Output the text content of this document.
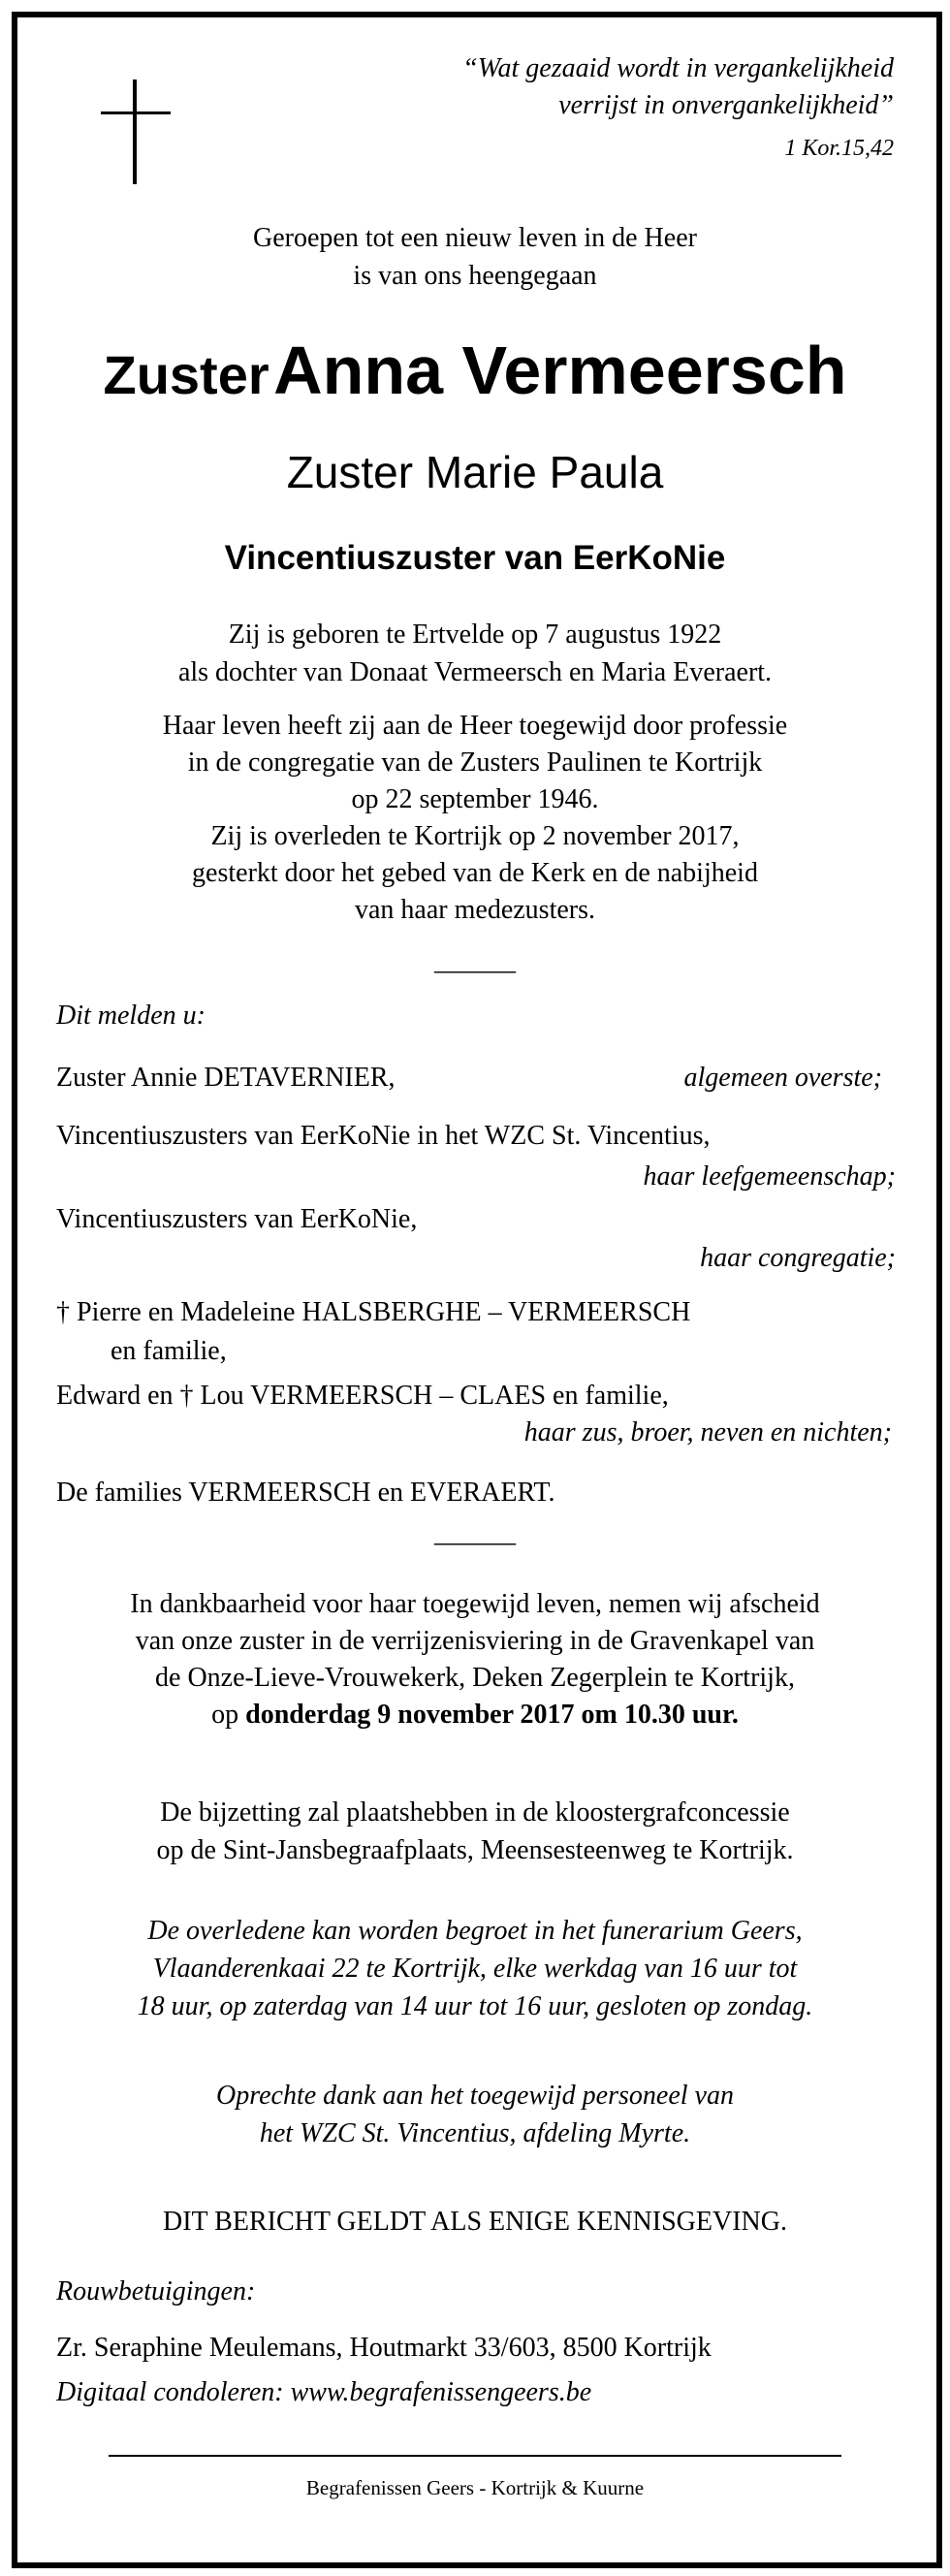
“Wat gezaaid wordt in vergankelijkheid
verrijst in onvergankelijkheid”
1 Kor.15,42
Geroepen tot een nieuw leven in de Heer
is van ons heengegaan
Zuster Anna Vermeersch
Zuster Marie Paula
Vincentiuszuster van EerKoNie
Zij is geboren te Ertvelde op 7 augustus 1922
als dochter van Donaat Vermeersch en Maria Everaert.
Haar leven heeft zij aan de Heer toegewijd door professie
in de congregatie van de Zusters Paulinen te Kortrijk
op 22 september 1946.
Zij is overleden te Kortrijk op 2 november 2017,
gesterkt door het gebed van de Kerk en de nabijheid
van haar medezusters.
______
Dit melden u:
Zuster Annie DETAVERNIER,	algemeen overste;
Vincentiuszusters van EerKoNie in het WZC St. Vincentius,
haar leefgemeenschap;
Vincentiuszusters van EerKoNie,
haar congregatie;
† Pierre en Madeleine HALSBERGHE – VERMEERSCH
en familie,
Edward en † Lou VERMEERSCH – CLAES en familie,
haar zus, broer, neven en nichten;
De families VERMEERSCH en EVERAERT.
______
In dankbaarheid voor haar toegewijd leven, nemen wij afscheid
van onze zuster in de verrijzenisviering in de Gravenkapel van
de Onze-Lieve-Vrouwekerk, Deken Zegerplein te Kortrijk,
op donderdag 9 november 2017 om 10.30 uur.
De bijzetting zal plaatshebben in de kloostergrafconcessie
op de Sint-Jansbegraafplaats, Meensesteenweg te Kortrijk.
De overledene kan worden begroet in het funerarium Geers,
Vlaanderenkaai 22 te Kortrijk, elke werkdag van 16 uur tot
18 uur, op zaterdag van 14 uur tot 16 uur, gesloten op zondag.
Oprechte dank aan het toegewijd personeel van
het WZC St. Vincentius, afdeling Myrte.
DIT BERICHT GELDT ALS ENIGE KENNISGEVING.
Rouwbetuigingen:
Zr. Seraphine Meulemans, Houtmarkt 33/603, 8500 Kortrijk
Digitaal condoleren: www.begrafenissengeers.be
Begrafenissen Geers - Kortrijk & Kuurne
